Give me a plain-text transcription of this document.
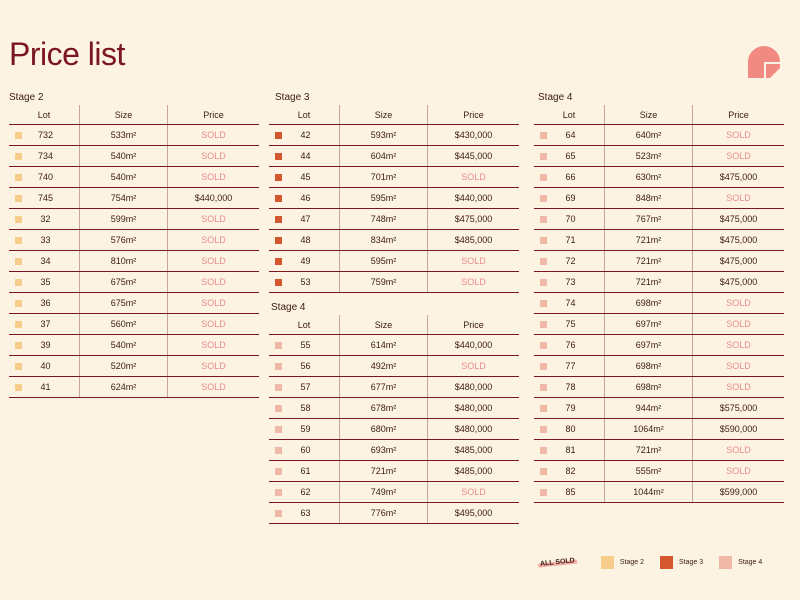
Price list
Stage 2
Lot	Size	Price
732	533m²	SOLD
734	540m²	SOLD
740	540m²	SOLD
745	754m²	$440,000
32	599m²	SOLD
33	576m²	SOLD
34	810m²	SOLD
35	675m²	SOLD
36	675m²	SOLD
37	560m²	SOLD
39	540m²	SOLD
40	520m²	SOLD
41	624m²	SOLD
Stage 3
Lot	Size	Price
42	593m²	$430,000
44	604m²	$445,000
45	701m²	SOLD
46	595m²	$440,000
47	748m²	$475,000
48	834m²	$485,000
49	595m²	SOLD
53	759m²	SOLD
Stage 4
Lot	Size	Price
55	614m²	$440,000
56	492m²	SOLD
57	677m²	$480,000
58	678m²	$480,000
59	680m²	$480,000
60	693m²	$485,000
61	721m²	$485,000
62	749m²	SOLD
63	776m²	$495,000
Stage 4
Lot	Size	Price
64	640m²	SOLD
65	523m²	SOLD
66	630m²	$475,000
69	848m²	SOLD
70	767m²	$475,000
71	721m²	$475,000
72	721m²	$475,000
73	721m²	$475,000
74	698m²	SOLD
75	697m²	SOLD
76	697m²	SOLD
77	698m²	SOLD
78	698m²	SOLD
79	944m²	$575,000
80	1064m²	$590,000
81	721m²	SOLD
82	555m²	SOLD
85	1044m²	$599,000
ALL SOLD	Stage 2	Stage 3	Stage 4
